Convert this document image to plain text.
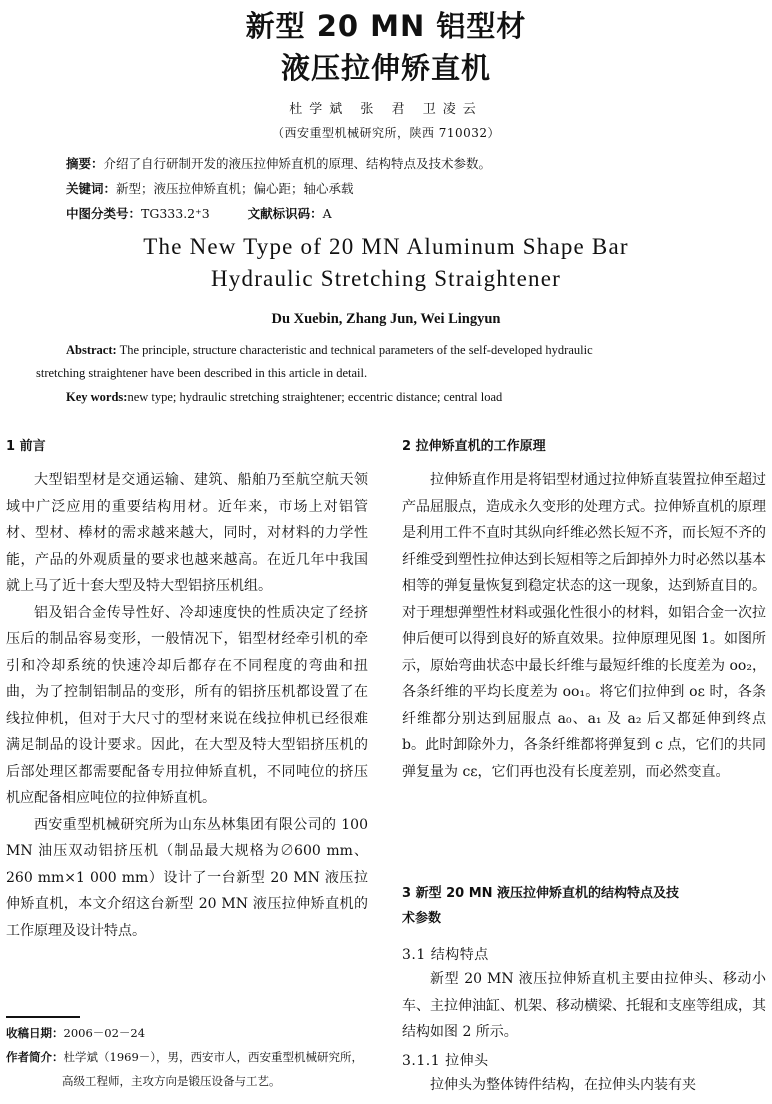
新型 20 MN 铝型材
液压拉伸矫直机
杜学斌 张 君 卫凌云
（西安重型机械研究所，陕西 710032）
摘要：介绍了自行研制开发的液压拉伸矫直机的原理、结构特点及技术参数。
关键词：新型；液压拉伸矫直机；偏心距；轴心承载
中图分类号：TG333.2⁺3	文献标识码：A
The New Type of 20 MN Aluminum Shape Bar
Hydraulic Stretching Straightener
Du Xuebin, Zhang Jun, Wei Lingyun
Abstract: The principle, structure characteristic and technical parameters of the self-developed hydraulic
stretching straightener have been described in this article in detail.
Key words:new type; hydraulic stretching straightener; eccentric distance; central load
1 前言

大型铝型材是交通运输、建筑、船舶乃至航空航天领域中广泛应用的重要结构用材。近年来，市场上对铝管材、型材、棒材的需求越来越大，同时，对材料的力学性能，产品的外观质量的要求也越来越高。在近几年中我国就上马了近十套大型及特大型铝挤压机组。

铝及铝合金传导性好、冷却速度快的性质决定了经挤压后的制品容易变形，一般情况下，铝型材经牵引机的牵引和冷却系统的快速冷却后都存在不同程度的弯曲和扭曲，为了控制铝制品的变形，所有的铝挤压机都设置了在线拉伸机，但对于大尺寸的型材来说在线拉伸机已经很难满足制品的设计要求。因此，在大型及特大型铝挤压机的后部处理区都需要配备专用拉伸矫直机，不同吨位的挤压机应配备相应吨位的拉伸矫直机。

西安重型机械研究所为山东丛林集团有限公司的 100 MN 油压双动铝挤压机（制品最大规格为∅600 mm、260 mm×1 000 mm）设计了一台新型 20 MN 液压拉伸矫直机，本文介绍这台新型 20 MN 液压拉伸矫直机的工作原理及设计特点。

收稿日期：2006－02－24
作者简介：杜学斌（1969－），男，西安市人，西安重型机械研究所，
高级工程师，主攻方向是锻压设备与工艺。
2 拉伸矫直机的工作原理

拉伸矫直作用是将铝型材通过拉伸矫直装置拉伸至超过产品屈服点，造成永久变形的处理方式。拉伸矫直机的原理是利用工件不直时其纵向纤维必然长短不齐，而长短不齐的纤维受到塑性拉伸达到长短相等之后卸掉外力时必然以基本相等的弹复量恢复到稳定状态的这一现象，达到矫直目的。对于理想弹塑性材料或强化性很小的材料，如铝合金一次拉伸后便可以得到良好的矫直效果。拉伸原理见图 1。如图所示，原始弯曲状态中最长纤维与最短纤维的长度差为 oo₂，各条纤维的平均长度差为 oo₁。将它们拉伸到 oε 时，各条纤维都分别达到屈服点 a₀、a₁ 及 a₂ 后又都延伸到终点 b。此时卸除外力，各条纤维都将弹复到 c 点，它们的共同弹复量为 cε，它们再也没有长度差别，而必然变直。

3 新型 20 MN 液压拉伸矫直机的结构特点及技
术参数
3.1 结构特点

新型 20 MN 液压拉伸矫直机主要由拉伸头、移动小车、主拉伸油缸、机架、移动横梁、托辊和支座等组成，其结构如图 2 所示。

3.1.1 拉伸头

拉伸头为整体铸件结构，在拉伸头内装有夹
